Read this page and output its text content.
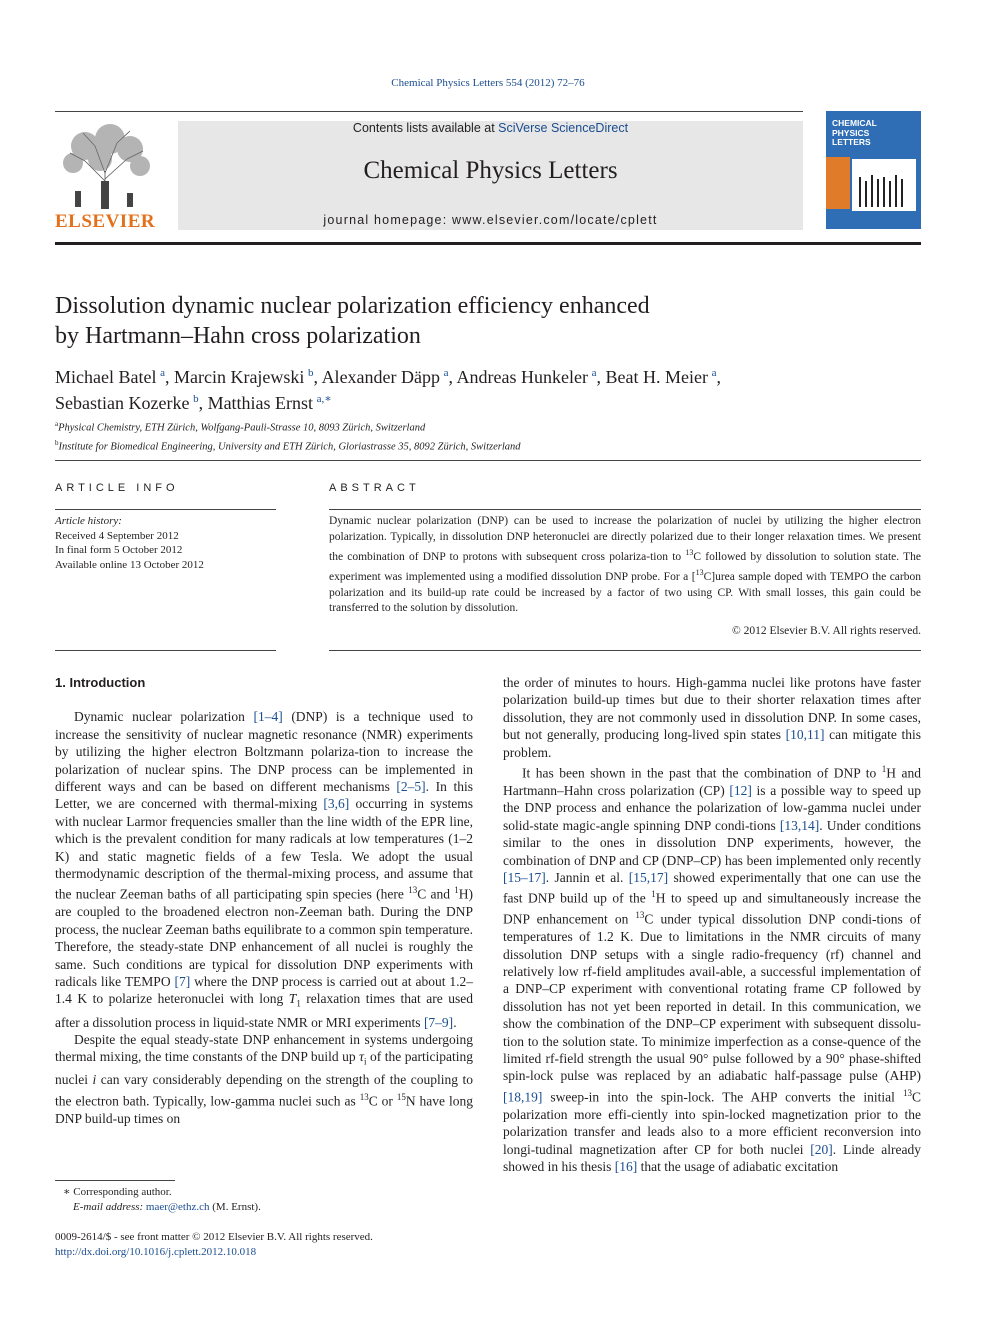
Chemical Physics Letters 554 (2012) 72–76
ELSEVIER
Contents lists available at SciVerse ScienceDirect
Chemical Physics Letters
journal homepage: www.elsevier.com/locate/cplett
CHEMICAL
PHYSICS
LETTERS
Dissolution dynamic nuclear polarization efficiency enhanced
by Hartmann–Hahn cross polarization
Michael Batel  $^a$, Marcin Krajewski  $^b$, Alexander Däpp  $^a$, Andreas Hunkeler  $^a$, Beat H. Meier  $^a$,
Sebastian Kozerke  $^b$, Matthias Ernst  $^{a,∗}$
$^a$Physical Chemistry, ETH Zürich, Wolfgang-Pauli-Strasse 10, 8093 Zürich, Switzerland
$^b$Institute for Biomedical Engineering, University and ETH Zürich, Gloriastrasse 35, 8092 Zürich, Switzerland
ARTICLE INFO
Article history:
Received 4 September 2012
In final form 5 October 2012
Available online 13 October 2012
ABSTRACT
Dynamic nuclear polarization (DNP) can be used to increase the polarization of nuclei by utilizing the higher electron polarization. Typically, in dissolution DNP heteronuclei are directly polarized due to their longer relaxation times. We present the combination of DNP to protons with subsequent cross polariza-tion to $^{13}$C followed by dissolution to solution state. The experiment was implemented using a modified dissolution DNP probe. For a [$^{13}$C]urea sample doped with TEMPO the carbon polarization and its build-up rate could be increased by a factor of two using CP. With small losses, this gain could be transferred to the solution by dissolution.
© 2012 Elsevier B.V. All rights reserved.
1. Introduction

Dynamic nuclear polarization [1–4] (DNP) is a technique used to increase the sensitivity of nuclear magnetic resonance (NMR) experiments by utilizing the higher electron Boltzmann polariza-tion to increase the polarization of nuclear spins. The DNP process can be implemented in different ways and can be based on different mechanisms [2–5]. In this Letter, we are concerned with thermal-mixing [3,6] occurring in systems with nuclear Larmor frequencies smaller than the line width of the EPR line, which is the prevalent condition for many radicals at low temperatures (1–2 K) and static magnetic fields of a few Tesla. We adopt the usual thermodynamic description of the thermal-mixing process, and assume that the nuclear Zeeman baths of all participating spin species (here $^{13}$C and $^1$H) are coupled to the broadened electron non-Zeeman bath. During the DNP process, the nuclear Zeeman baths equilibrate to a common spin temperature. Therefore, the steady-state DNP enhancement of all nuclei is roughly the same. Such conditions are typical for dissolution DNP experiments with radicals like TEMPO [7] where the DNP process is carried out at about 1.2–1.4 K to polarize heteronuclei with long $T_1$ relaxation times that are used after a dissolution process in liquid-state NMR or MRI experiments [7–9].

Despite the equal steady-state DNP enhancement in systems undergoing thermal mixing, the time constants of the DNP build up $\tau_i$ of the participating nuclei i can vary considerably depending on the strength of the coupling to the electron bath. Typically, low-gamma nuclei such as $^{13}$C or $^{15}$N have long DNP build-up times on

the order of minutes to hours. High-gamma nuclei like protons have faster polarization build-up times but due to their shorter relaxation times after dissolution, they are not commonly used in dissolution DNP. In some cases, but not generally, producing long-lived spin states [10,11] can mitigate this problem.

It has been shown in the past that the combination of DNP to $^1$H and Hartmann–Hahn cross polarization (CP) [12] is a possible way to speed up the DNP process and enhance the polarization of low-gamma nuclei under solid-state magic-angle spinning DNP condi-tions [13,14]. Under conditions similar to the ones in dissolution DNP experiments, however, the combination of DNP and CP (DNP–CP) has been implemented only recently [15–17]. Jannin et al. [15,17] showed experimentally that one can use the fast DNP build up of the $^1$H to speed up and simultaneously increase the DNP enhancement on $^{13}$C under typical dissolution DNP condi-tions of temperatures of 1.2 K. Due to limitations in the NMR circuits of many dissolution DNP setups with a single radio-frequency (rf) channel and relatively low rf-field amplitudes avail-able, a successful implementation of a DNP–CP experiment with conventional rotating frame CP followed by dissolution has not yet been reported in detail. In this communication, we show the combination of the DNP–CP experiment with subsequent dissolu-tion to the solution state. To minimize imperfection as a conse-quence of the limited rf-field strength the usual 90° pulse followed by a 90° phase-shifted spin-lock pulse was replaced by an adiabatic half-passage pulse (AHP) [18,19] sweep-in into the spin-lock. The AHP converts the initial $^{13}$C polarization more effi-ciently into spin-locked magnetization prior to the polarization transfer and leads also to a more efficient reconversion into longi-tudinal magnetization after CP for both nuclei [20]. Linde already showed in his thesis [16] that the usage of adiabatic excitation

∗ Corresponding author.
E-mail address: maer@ethz.ch (M. Ernst).
0009-2614/$ - see front matter © 2012 Elsevier B.V. All rights reserved.
http://dx.doi.org/10.1016/j.cplett.2012.10.018
